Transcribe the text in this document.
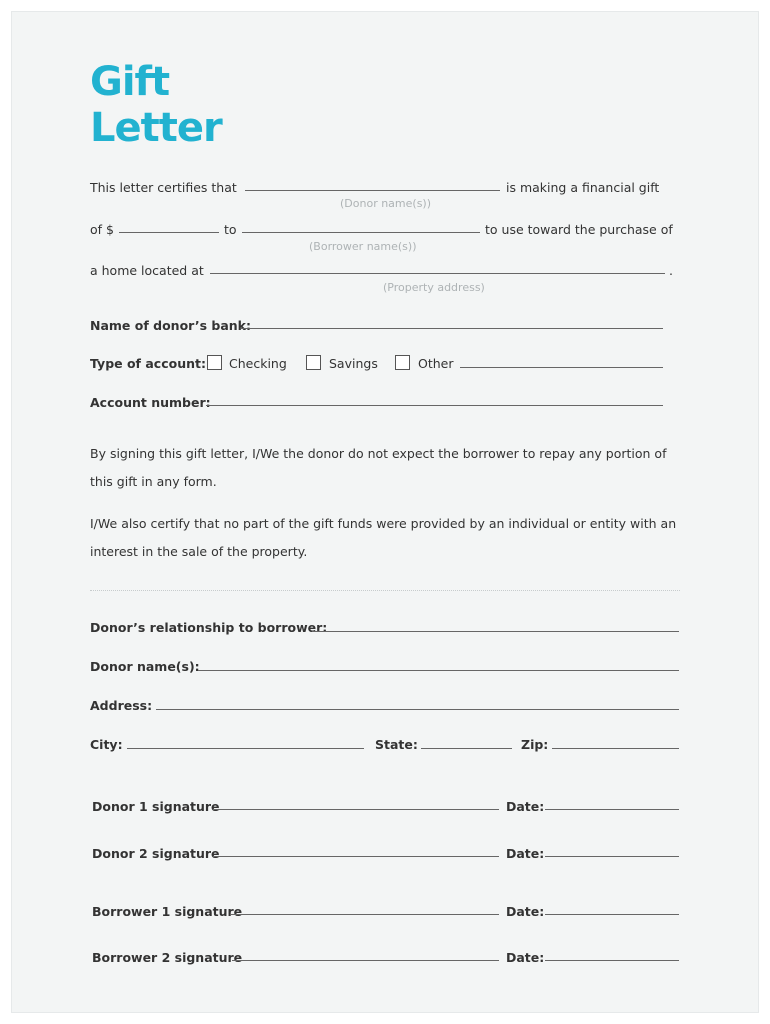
Gift
Letter
This letter certifies that	is making a financial gift
(Donor name(s))
of $	to	to use toward the purchase of
(Borrower name(s))
a home located at	.
(Property address)
Name of donor’s bank:
Type of account: Checking	Savings	Other
Account number:
By signing this gift letter, I/We the donor do not expect the borrower to repay any portion of this gift in any form.
I/We also certify that no part of the gift funds were provided by an individual or entity with an interest in the sale of the property.
Donor’s relationship to borrower:
Donor name(s):
Address:
City:	State:	Zip:
Donor 1 signature	Date:
Donor 2 signature	Date:
Borrower 1 signature	Date:
Borrower 2 signature	Date:
